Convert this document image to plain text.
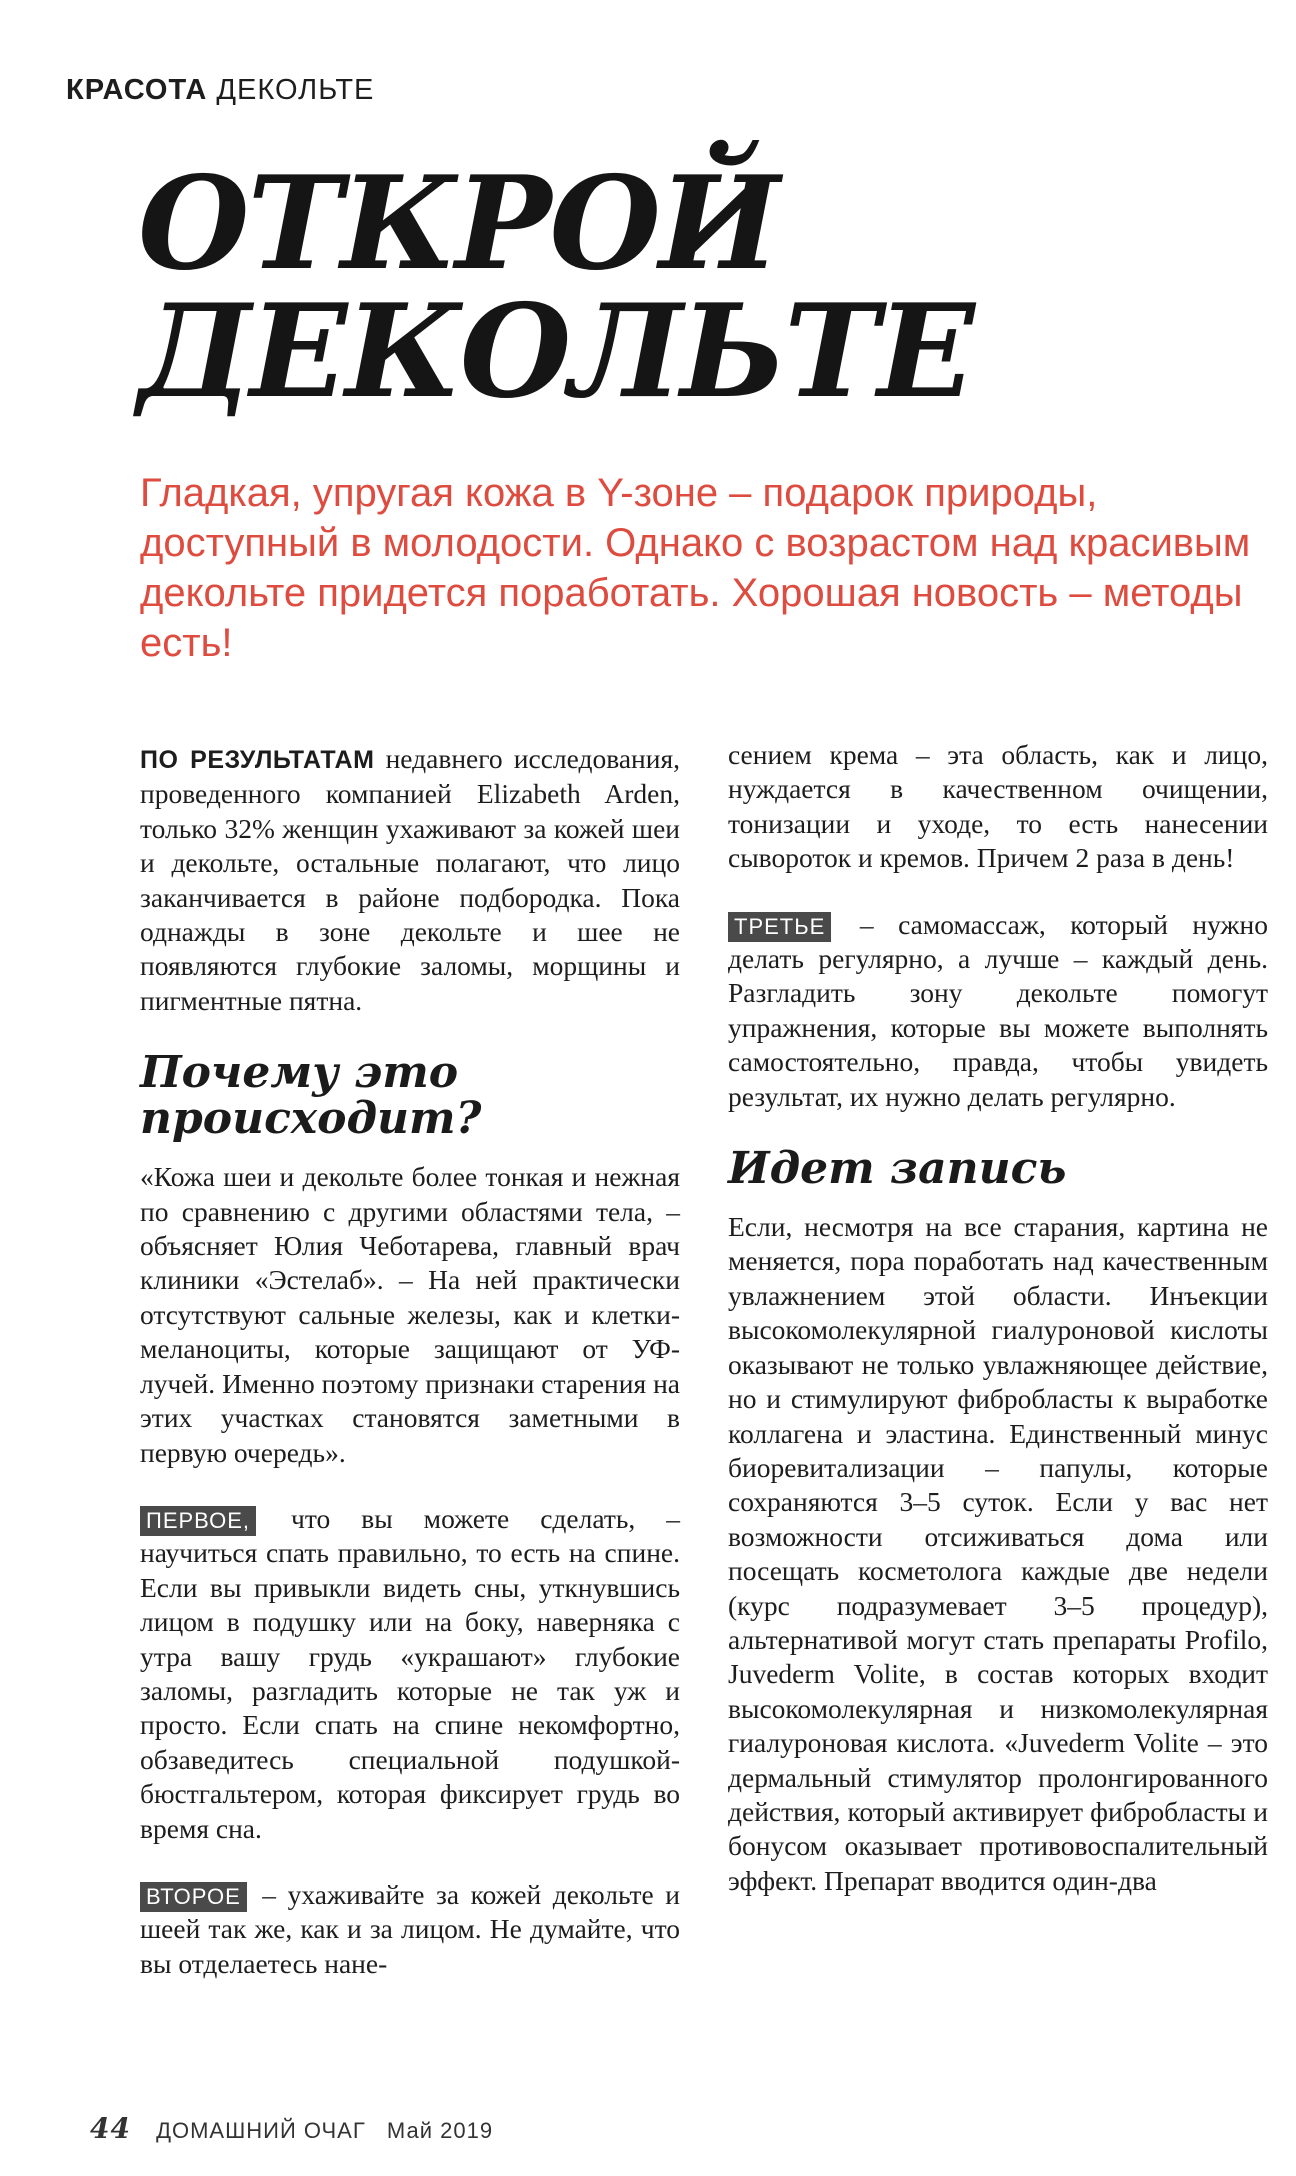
КРАСОТА ДЕКОЛЬТЕ
ОТКРОЙ
ДЕКОЛЬТЕ
Гладкая, упругая кожа в Y-зоне – подарок природы, доступный в молодости. Однако с возрастом над красивым декольте придется поработать. Хорошая новость – методы есть!

ПО РЕЗУЛЬТАТАМ недавнего исследования, проведенного компанией Elizabeth Arden, только 32% женщин ухаживают за кожей шеи и декольте, остальные полагают, что лицо заканчивается в районе подбородка. Пока однажды в зоне декольте и шее не появляются глубокие заломы, морщины и пигментные пятна.

Почему это происходит?

«Кожа шеи и декольте более тонкая и нежная по сравнению с другими областями тела, – объясняет Юлия Чеботарева, главный врач клиники «Эстелаб». – На ней практически отсутствуют сальные железы, как и клетки-меланоциты, которые защищают от УФ-лучей. Именно поэтому признаки старения на этих участках становятся заметными в первую очередь».

ПЕРВОЕ, что вы можете сделать, – научиться спать правильно, то есть на спине. Если вы привыкли видеть сны, уткнувшись лицом в подушку или на боку, наверняка с утра вашу грудь «украшают» глубокие заломы, разгладить которые не так уж и просто. Если спать на спине некомфортно, обзаведитесь специальной подушкой-бюстгальтером, которая фиксирует грудь во время сна.

ВТОРОЕ – ухаживайте за кожей декольте и шеей так же, как и за лицом. Не думайте, что вы отделаетесь нане-

сением крема – эта область, как и лицо, нуждается в качественном очищении, тонизации и уходе, то есть нанесении сывороток и кремов. Причем 2 раза в день!

ТРЕТЬЕ – самомассаж, который нужно делать регулярно, а лучше – каждый день. Разгладить зону декольте помогут упражнения, которые вы можете выполнять самостоятельно, правда, чтобы увидеть результат, их нужно делать регулярно.

Идет запись

Если, несмотря на все старания, картина не меняется, пора поработать над качественным увлажнением этой области. Инъекции высокомолекулярной гиалуроновой кислоты оказывают не только увлажняющее действие, но и стимулируют фибробласты к выработке коллагена и эластина. Единственный минус биоревитализации – папулы, которые сохраняются 3–5 суток. Если у вас нет возможности отсиживаться дома или посещать косметолога каждые две недели (курс подразумевает 3–5 процедур), альтернативой могут стать препараты Profilo, Juvederm Volite, в состав которых входит высокомолекулярная и низкомолекулярная гиалуроновая кислота. «Juvederm Volite – это дермальный стимулятор пролонгированного действия, который активирует фибробласты и бонусом оказывает противовоспалительный эффект. Препарат вводится один-два

44 ДОМАШНИЙ ОЧАГ Май 2019
